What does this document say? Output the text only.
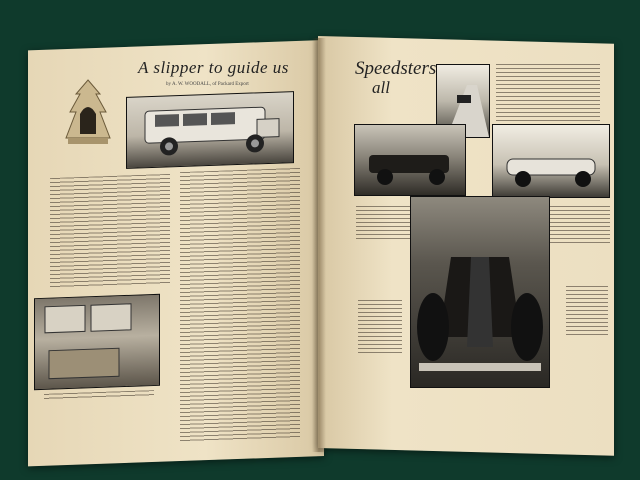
A slipper to guide us
by A. W. WOODALL, of Packard Export
Speedsters
all
